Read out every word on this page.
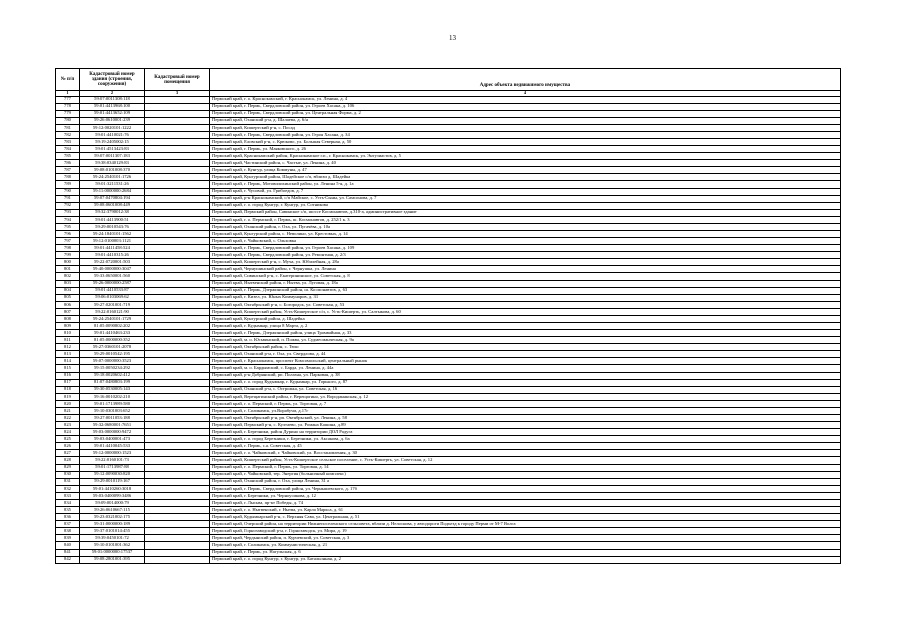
13
№ п/п	Кадастровый номер здания (строения, сооружения)	Кадастровый номер помещения	Адрес объекта недвижимого имущества
1	2	3	4
777	59:07:0011308:118		Пермский край, г. о. Краснокамский, г. Краснокамск, ул. Ленина, д. 4
778	59:01:4413968:100		Пермский край, г. Пермь, Свердловский район, ул. Героев Хасана, д. 106
779	59:01:4413652:109		Пермский край, г. Пермь, Свердловский район, ул. Центральная Форма, д. 2
780	59:26:0610001:239		Пермский край, Оханский р-н, д. Шалаева, д. 6/н
781	59:12:0020101:1222		Пермский край, Кишертский р-н, с. Посад
782	59:01:4410021:76		Пермский край, г. Пермь, Свердловский район, ул. Героя Хасана, д. 34
783	59:19:2405002:15		Пермский край, Еловский р-н, с. Крюково, ул. Большая Северная, д. 50
784	59:01:4513423:83		Пермский край, г. Пермь, ул. Маяковского, д. 26
785	59:07:0011307:183		Пермский край, Краснокамский район, Краснокамское г.п., г. Краснокамск, ул. Энтузиастов, д. 5
786	59:38:0340129:83		Пермский край, Частинский район, с. Частые, ул. Ленина, д. 40
787	59:08:0101008:370		Пермский край, г. Кунгур, улица Коммуны, д. 47
788	59:24:2540101:1726		Пермский край, Кунгурский район, Шадейское с/п, вблизи д. Шадейка
789	59:01:3211531:26		Пермский край, г. Пермь, Мотовилихинский район, ул. Ленина 5-я, д. 1а
790	59:11:0000000:2684		Пермский край, г. Чусовой, ул. Грибоедов, д. 7
791	59:07:0470804:194		Пермский край, р-н Краснокамский, с/п Майское, с. Усть-Сыны, ул. Самсонова, д. 7
792	59:08:0601008:449		Пермский край, г. о. город Кунгур, г. Кунгур, ул. Сотникова
793	59:32:3790012:38		Пермский край, Пермский район, Савинское с/п, шоссе Космонавтов, д.310-а, административное здание
794	59:01:4413900:51		Пермский край, г. о. Пермский, г. Пермь, ш. Космонавтов, д. 252/1 к. 3
795	59:29:0010543:76		Пермский край, Оханский район, г. Оха, ул. Пугачёва, д. 10а
796	59:24:1840101:1562		Пермский край, Кунгурский район, с. Неволино, ул. Крестовых, д. 14
797	59:12:0100003:1121		Пермский край, г. Чайковский, с. Ольховка
798	59:01:4411458:524		Пермский край, г. Пермь, Свердловский район, ул. Героев Хасана, д. 109
799	59:01:4410315:26		Пермский край, г. Пермь, Свердловский район, ул. Ремонтная, д. 2/3
800	59:22:0720001:503		Пермский край, Кишертский р-н, с. Муча, ул. Юбилейная, д. 28а
801	59:40:0000000:3047		Пермский край, Чернушинский район, г. Чернушка, ул. Ленина
802	59:33:0650001:560		Пермский край, Сивинский р-н, с. Екатерининское, ул. Советская, д. 8
803	59:26:0000000:2587		Пермский край, Нытвенский район, г. Нытва, ул. Луговая, д. 18а
804	59:01:4410533:87		Пермский край, г. Пермь, Дзержинский район, ш. Космонавтов, д. 63
805	59:06:0103069:62		Пермский край, г. Кизел, ул. Юных Коммунаров, д. 31
806	59:27:0201001:719		Пермский край, Октябрьский р-н, с. Богородск, ул. Советская, д. 53
807	59:22:0160121:90		Пермский край, Кишертский район, Усть-Кишертское с/п, с. Усть-Кишерть, ул. Салтыкова, д. 60
808	59:24:2540101:1729		Пермский край, Кунгурский район, д. Шадейка
809	81:05:0090802:202		Пермский край, г. Кудымкар, улица 8 Марта, д. 2
810	59:01:4410463:233		Пермский край, г. Пермь, Дзержинский район, улица Трамвайная, д. 33
811	81:05:0000000:352		Пермский край, м. о. Юсьвинский, п. Пожва, ул. Судмесманческая, д. 9а
812	59:27:0360101:2078		Пермский край, Октябрьский район, с. Тюш
813	59:29:0010542:195		Пермский край, Оханский р-н, г. Оха, ул. Свердлова, д. 44
814	59:07:0000000:3523		Пермский край, г. Краснокамск, проспект Комсомольский, центральный рынок
815	59:15:0050234:292		Пермский край, м. о. Бардымский, с. Барда, ул. Ленина, д. 44а
816	59:18:0020602:412		Пермский край, р-н Добрянский, рп. Полазна, ул. Парковая, д. 38
817	81:07:0480803:199		Пермский край, г. о. город Кудымкар, г. Кудымкар, ул. Горького, д. 87
818	59:30:0530005:143		Пермский край, Оханский р-н, с. Острожка, ул. Советская, д. 16
819	59:16:0010202:210		Пермский край, Верещагинский район, г. Верещагино, ул. Вороданнкская, д. 12
820	59:01:1713989:580		Пермский край, г. о. Пермский, г. Пермь, ул. Торговая, д. 7
821	59:10:0301003:652		Пермский край, г. Соликамск, ул.Ворабучи, д.17г
822	59:27:0011053:188		Пермский край, Октябрьский р-н, рп. Октябрьский, ул. Ленина, д. 58
823	59:32:0680001:7651		Пермский край, Пермский р-н, с. Култаево, ул. Романа Кашина, д.89
824	59:03:0000000:9472		Пермский край, г. Березники, район Дурино на территории ДОЛ Радуга
825	59:03:0400001:473		Пермский край, г. о. город Березники, г. Березники, ул. Аксакова, д. 6а
826	59:01:4410045:533		Пермский край, г. Пермь, с.а. Советская, д. 45
827	59:12:0000000:1523		Пермский край, г. о. Чайковский, г. Чайковский, ул. Восстановления, д. 30
828	59:22:0160101:73		Пермский край, Кишертский район, Усть-Кишертское сельское поселение, с. Усть-Кишерть, ул. Советская, д. 12
829	59:01:1713987:88		Пермский край, г. о. Пермский, г. Пермь, ул. Торговая, д. 14
830	59:12:0090030:820		Пермский край, г. Чайковский, тер. Энергия (больничный комплекс)
831	59:29:0010119:167		Пермский край, Оханский район, г. Оха, улица Ленина, 31 а
832	59:01:4410260:3018		Пермский край, г. Пермь, Свердловский район, ул. Чернышевского, д. 17б
833	59:03:0400099:3486		Пермский край, г. Березники, ул. Черноусикова, д. 12
834	59:09:0014000:79		Пермский край, г. Лысьва, пр-кт Победы, д. 74
835	59:26:0610667:115		Пермский край, г. о. Нытвенский, г. Нытва, ул. Карла Маркса, д. 61
836	59:23:0321002:175		Пермский край, Кудымкарский р-н, с. Верхняя Сава, ул. Центральная, д. 51
837	59:31:0000000:189		Пермский край, Очерский район, на территории Нижнепоселенского сельсовета, вблизи д. Нелоскова, у автодороги Подъезд к городу Перми от М-7 Волга
838	59:37:0101014:455		Пермский край, Горнозаводский р-н, г. Горнозаводск, ул. Мира, д. 19
839	59:39:0450101:72		Пермский край, Чердынский район, п. Курчевский, ул. Советская, д. 3
840	59:10:0101001:362		Пермский край, г. Соликамск, ул. Коммунистическая, д. 21
841	59:01:0000000:17537		Пермский край, г. Пермь, ул. Нагульская, д. 6
842	59:08:2801001:395		Пермский край, г. о. город Кунгур, г. Кунгур, ул. Батальонная, д. 2
